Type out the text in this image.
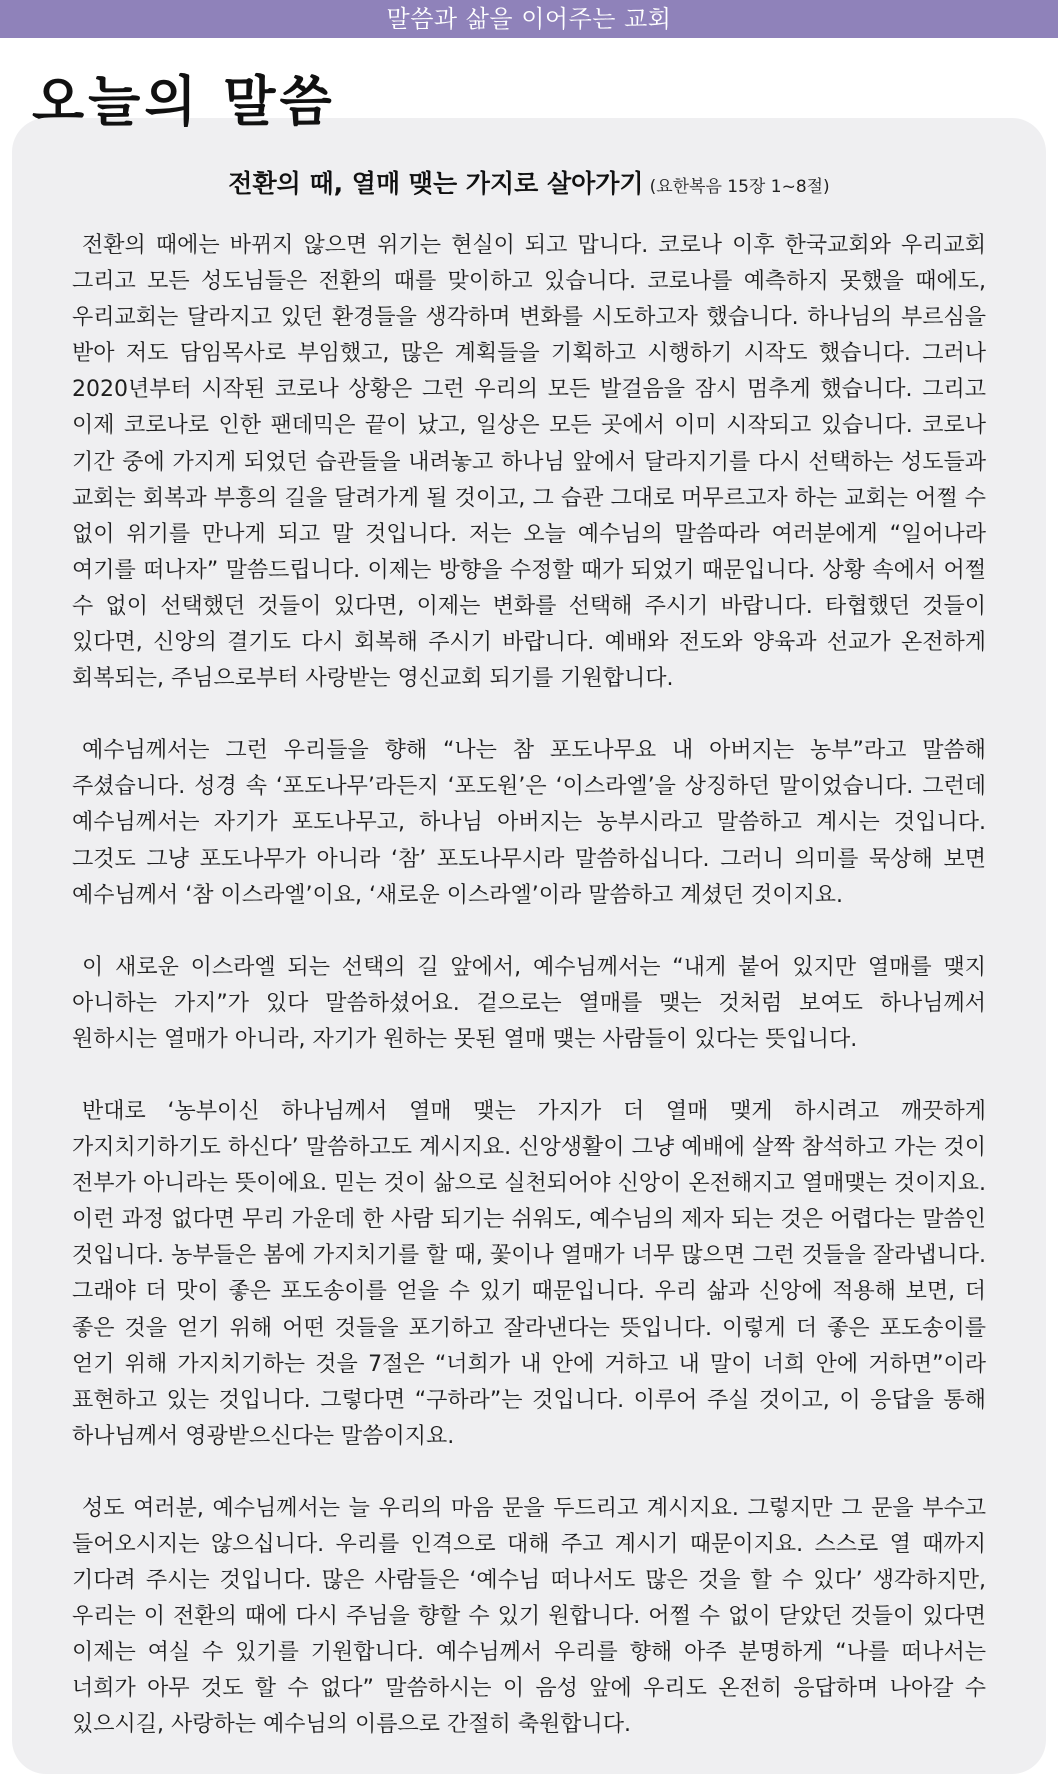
말씀과 삶을 이어주는 교회
오늘의 말씀
전환의 때, 열매 맺는 가지로 살아가기 (요한복음 15장 1~8절)

전환의 때에는 바뀌지 않으면 위기는 현실이 되고 맙니다. 코로나 이후 한국교회와 우리교회 그리고 모든 성도님들은 전환의 때를 맞이하고 있습니다. 코로나를 예측하지 못했을 때에도, 우리교회는 달라지고 있던 환경들을 생각하며 변화를 시도하고자 했습니다. 하나님의 부르심을 받아 저도 담임목사로 부임했고, 많은 계획들을 기획하고 시행하기 시작도 했습니다. 그러나 2020년부터 시작된 코로나 상황은 그런 우리의 모든 발걸음을 잠시 멈추게 했습니다. 그리고 이제 코로나로 인한 팬데믹은 끝이 났고, 일상은 모든 곳에서 이미 시작되고 있습니다. 코로나 기간 중에 가지게 되었던 습관들을 내려놓고 하나님 앞에서 달라지기를 다시 선택하는 성도들과 교회는 회복과 부흥의 길을 달려가게 될 것이고, 그 습관 그대로 머무르고자 하는 교회는 어쩔 수 없이 위기를 만나게 되고 말 것입니다. 저는 오늘 예수님의 말씀따라 여러분에게 “일어나라 여기를 떠나자” 말씀드립니다. 이제는 방향을 수정할 때가 되었기 때문입니다. 상황 속에서 어쩔 수 없이 선택했던 것들이 있다면, 이제는 변화를 선택해 주시기 바랍니다. 타협했던 것들이 있다면, 신앙의 결기도 다시 회복해 주시기 바랍니다. 예배와 전도와 양육과 선교가 온전하게 회복되는, 주님으로부터 사랑받는 영신교회 되기를 기원합니다.

예수님께서는 그런 우리들을 향해 “나는 참 포도나무요 내 아버지는 농부”라고 말씀해 주셨습니다. 성경 속 ‘포도나무’라든지 ‘포도원’은 ‘이스라엘’을 상징하던 말이었습니다. 그런데 예수님께서는 자기가 포도나무고, 하나님 아버지는 농부시라고 말씀하고 계시는 것입니다. 그것도 그냥 포도나무가 아니라 ‘참’ 포도나무시라 말씀하십니다. 그러니 의미를 묵상해 보면 예수님께서 ‘참 이스라엘’이요, ‘새로운 이스라엘’이라 말씀하고 계셨던 것이지요.

이 새로운 이스라엘 되는 선택의 길 앞에서, 예수님께서는 “내게 붙어 있지만 열매를 맺지 아니하는 가지”가 있다 말씀하셨어요. 겉으로는 열매를 맺는 것처럼 보여도 하나님께서 원하시는 열매가 아니라, 자기가 원하는 못된 열매 맺는 사람들이 있다는 뜻입니다.

반대로 ‘농부이신 하나님께서 열매 맺는 가지가 더 열매 맺게 하시려고 깨끗하게 가지치기하기도 하신다’ 말씀하고도 계시지요. 신앙생활이 그냥 예배에 살짝 참석하고 가는 것이 전부가 아니라는 뜻이에요. 믿는 것이 삶으로 실천되어야 신앙이 온전해지고 열매맺는 것이지요. 이런 과정 없다면 무리 가운데 한 사람 되기는 쉬워도, 예수님의 제자 되는 것은 어렵다는 말씀인 것입니다. 농부들은 봄에 가지치기를 할 때, 꽃이나 열매가 너무 많으면 그런 것들을 잘라냅니다. 그래야 더 맛이 좋은 포도송이를 얻을 수 있기 때문입니다. 우리 삶과 신앙에 적용해 보면, 더 좋은 것을 얻기 위해 어떤 것들을 포기하고 잘라낸다는 뜻입니다. 이렇게 더 좋은 포도송이를 얻기 위해 가지치기하는 것을 7절은 “너희가 내 안에 거하고 내 말이 너희 안에 거하면”이라 표현하고 있는 것입니다. 그렇다면 “구하라”는 것입니다. 이루어 주실 것이고, 이 응답을 통해 하나님께서 영광받으신다는 말씀이지요.

성도 여러분, 예수님께서는 늘 우리의 마음 문을 두드리고 계시지요. 그렇지만 그 문을 부수고 들어오시지는 않으십니다. 우리를 인격으로 대해 주고 계시기 때문이지요. 스스로 열 때까지 기다려 주시는 것입니다. 많은 사람들은 ‘예수님 떠나서도 많은 것을 할 수 있다’ 생각하지만, 우리는 이 전환의 때에 다시 주님을 향할 수 있기 원합니다. 어쩔 수 없이 닫았던 것들이 있다면 이제는 여실 수 있기를 기원합니다. 예수님께서 우리를 향해 아주 분명하게 “나를 떠나서는 너희가 아무 것도 할 수 없다” 말씀하시는 이 음성 앞에 우리도 온전히 응답하며 나아갈 수 있으시길, 사랑하는 예수님의 이름으로 간절히 축원합니다.
